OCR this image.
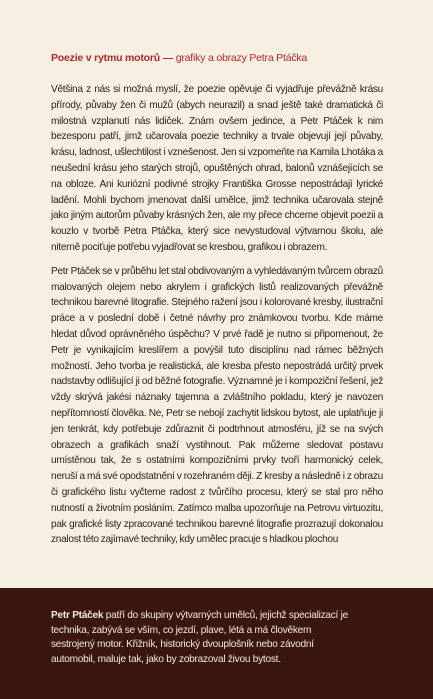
Poezie v rytmu motorů — grafiky a obrazy Petra Ptáčka

Většina z nás si možná myslí, že poezie opěvuje či vyjadřuje převážně krásu přírody, půvaby žen či mužů (abych neurazil) a snad ještě také dramatická či milostná vzplanutí nás lidiček. Znám ovšem jedince, a Petr Ptáček k nim bezesporu patří, jimž učarovala poezie techniky a trvale objevují její půvaby, krásu, ladnost, ušlechtilost i vznešenost. Jen si vzpomeňte na Kamila Lhotáka a neušední krásu jeho starých strojů, opuštěných ohrad, balonů vznášejících se na obloze. Ani kuriózní podivné strojky Františka Grosse nepostrádají lyrické ladění. Mohli bychom jmenovat další umělce, jimž technika učarovala stejně jako jiným autorům půvaby krásných žen, ale my přece chceme objevit poezii a kouzlo v tvorbě Petra Ptáčka, který sice nevystudoval výtvarnou školu, ale niterně pociťuje potřebu vyjadřovat se kresbou, grafikou i obrazem.

Petr Ptáček se v průběhu let stal obdivovaným a vyhledávaným tvůrcem obrazů malovaných olejem nebo akrylem i grafických listů realizovaných převážně technikou barevné litografie. Stejného ražení jsou i kolorované kresby, ilustrační práce a v poslední době i četné návrhy pro známkovou tvorbu. Kde máme hledat důvod oprávněného úspěchu? V prvé řadě je nutno si připomenout, že Petr je vynikajícím kreslířem a povýšil tuto disciplínu nad rámec běžných možností. Jeho tvorba je realistická, ale kresba přesto nepostrádá určitý prvek nadstavby odlišující ji od běžné fotografie. Významné je i kompoziční řešení, jež vždy skrývá jakési náznaky tajemna a zvláštního pokladu, který je navozen nepřítomností člověka. Ne, Petr se nebojí zachytit lidskou bytost, ale uplatňuje ji jen tenkrát, kdy potřebuje zdůraznit či podtrhnout atmosféru, jíž se na svých obrazech a grafikách snaží vystihnout. Pak můžeme sledovat postavu umístěnou tak, že s ostatními kompozičními prvky tvoří harmonický celek, neruší a má své opodstatnění v rozehraném ději. Z kresby a následně i z obrazu či grafického listu vyčteme radost z tvůrčího procesu, který se stal pro něho nutností a životním posláním. Zatímco malba upozorňuje na Petrovu virtuozitu, pak grafické listy zpracované technikou barevné litografie prozrazují dokonalou znalost této zajímavé techniky, kdy umělec pracuje s hladkou plochou

Petr Ptáček patří do skupiny výtvarných umělců, jejichž specializací je technika, zabývá se vším, co jezdí, plave, létá a má člověkem sestrojený motor. Křižník, historický dvouplošník nebo závodní automobil, maluje tak, jako by zobrazoval živou bytost.
